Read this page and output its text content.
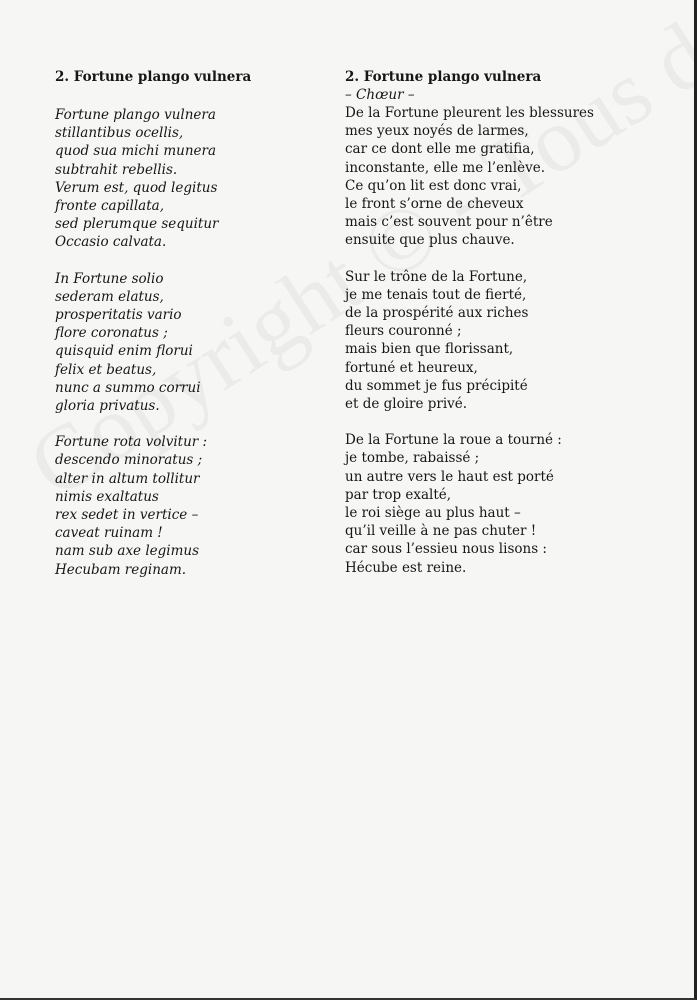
2. Fortune plango vulnera

Fortune plango vulnera
stillantibus ocellis,
quod sua michi munera
subtrahit rebellis.
Verum est, quod legitus
fronte capillata,
sed plerumque sequitur
Occasio calvata.
In Fortune solio
sederam elatus,
prosperitatis vario
flore coronatus ;
quisquid enim florui
felix et beatus,
nunc a summo corrui
gloria privatus.
Fortune rota volvitur :
descendo minoratus ;
alter in altum tollitur
nimis exaltatus
rex sedet in vertice –
caveat ruinam !
nam sub axe legimus
Hecubam reginam.

2. Fortune plango vulnera

– Chœur –

De la Fortune pleurent les blessures
mes yeux noyés de larmes,
car ce dont elle me gratifia,
inconstante, elle me l’enlève.
Ce qu’on lit est donc vrai,
le front s’orne de cheveux
mais c’est souvent pour n’être
ensuite que plus chauve.
Sur le trône de la Fortune,
je me tenais tout de fierté,
de la prospérité aux riches
fleurs couronné ;
mais bien que florissant,
fortuné et heureux,
du sommet je fus précipité
et de gloire privé.
De la Fortune la roue a tourné :
je tombe, rabaissé ;
un autre vers le haut est porté
par trop exalté,
le roi siège au plus haut –
qu’il veille à ne pas chuter !
car sous l’essieu nous lisons :
Hécube est reine.
